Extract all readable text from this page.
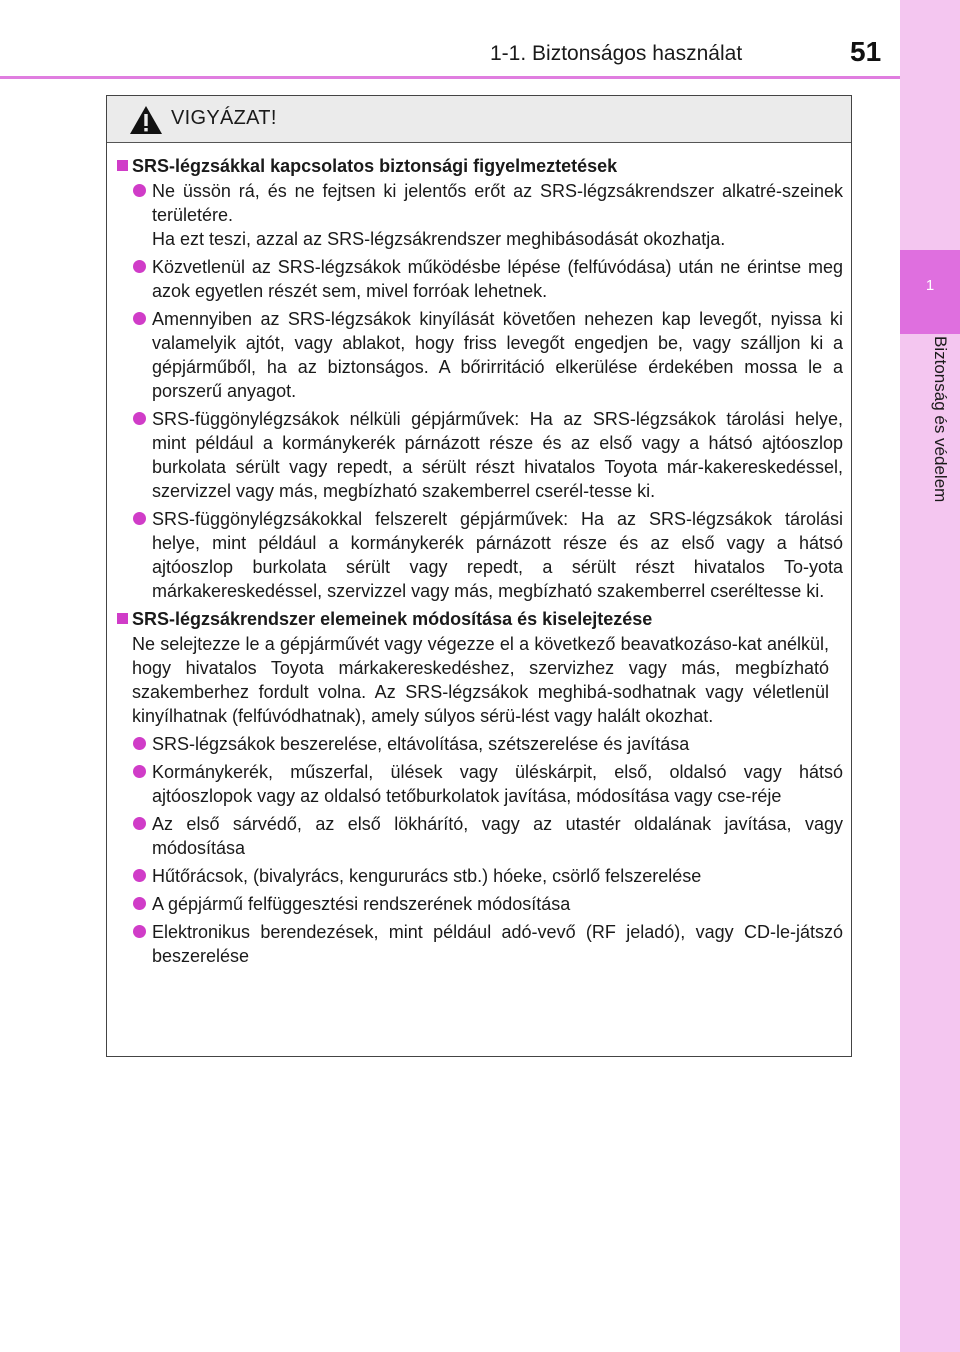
1-1. Biztonságos használat	51
1
Biztonság és védelem
VIGYÁZAT!
SRS-légzsákkal kapcsolatos biztonsági figyelmeztetések
Ne üssön rá, és ne fejtsen ki jelentős erőt az SRS-légzsákrendszer alkatré-szeinek területére.
Ha ezt teszi, azzal az SRS-légzsákrendszer meghibásodását okozhatja.
Közvetlenül az SRS-légzsákok működésbe lépése (felfúvódása) után ne érintse meg azok egyetlen részét sem, mivel forróak lehetnek.
Amennyiben az SRS-légzsákok kinyílását követően nehezen kap levegőt, nyissa ki valamelyik ajtót, vagy ablakot, hogy friss levegőt engedjen be, vagy szálljon ki a gépjárműből, ha az biztonságos. A bőrirritáció elkerülése érdekében mossa le a porszerű anyagot.
SRS-függönylégzsákok nélküli gépjárművek: Ha az SRS-légzsákok tárolási helye, mint például a kormánykerék párnázott része és az első vagy a hátsó ajtóoszlop burkolata sérült vagy repedt, a sérült részt hivatalos Toyota már-kakereskedéssel, szervizzel vagy más, megbízható szakemberrel cserél-tesse ki.
SRS-függönylégzsákokkal felszerelt gépjárművek: Ha az SRS-légzsákok tárolási helye, mint például a kormánykerék párnázott része és az első vagy a hátsó ajtóoszlop burkolata sérült vagy repedt, a sérült részt hivatalos To-yota márkakereskedéssel, szervizzel vagy más, megbízható szakemberrel cseréltesse ki.
SRS-légzsákrendszer elemeinek módosítása és kiselejtezése
Ne selejtezze le a gépjárművét vagy végezze el a következő beavatkozáso-kat anélkül, hogy hivatalos Toyota márkakereskedéshez, szervizhez vagy más, megbízható szakemberhez fordult volna. Az SRS-légzsákok meghibá-sodhatnak vagy véletlenül kinyílhatnak (felfúvódhatnak), amely súlyos sérü-lést vagy halált okozhat.
SRS-légzsákok beszerelése, eltávolítása, szétszerelése és javítása
Kormánykerék, műszerfal, ülések vagy üléskárpit, első, oldalsó vagy hátsó ajtóoszlopok vagy az oldalsó tetőburkolatok javítása, módosítása vagy cse-réje
Az első sárvédő, az első lökhárító, vagy az utastér oldalának javítása, vagy módosítása
Hűtőrácsok, (bivalyrács, kengururács stb.) hóeke, csörlő felszerelése
A gépjármű felfüggesztési rendszerének módosítása
Elektronikus berendezések, mint például adó-vevő (RF jeladó), vagy CD-le-játszó beszerelése
